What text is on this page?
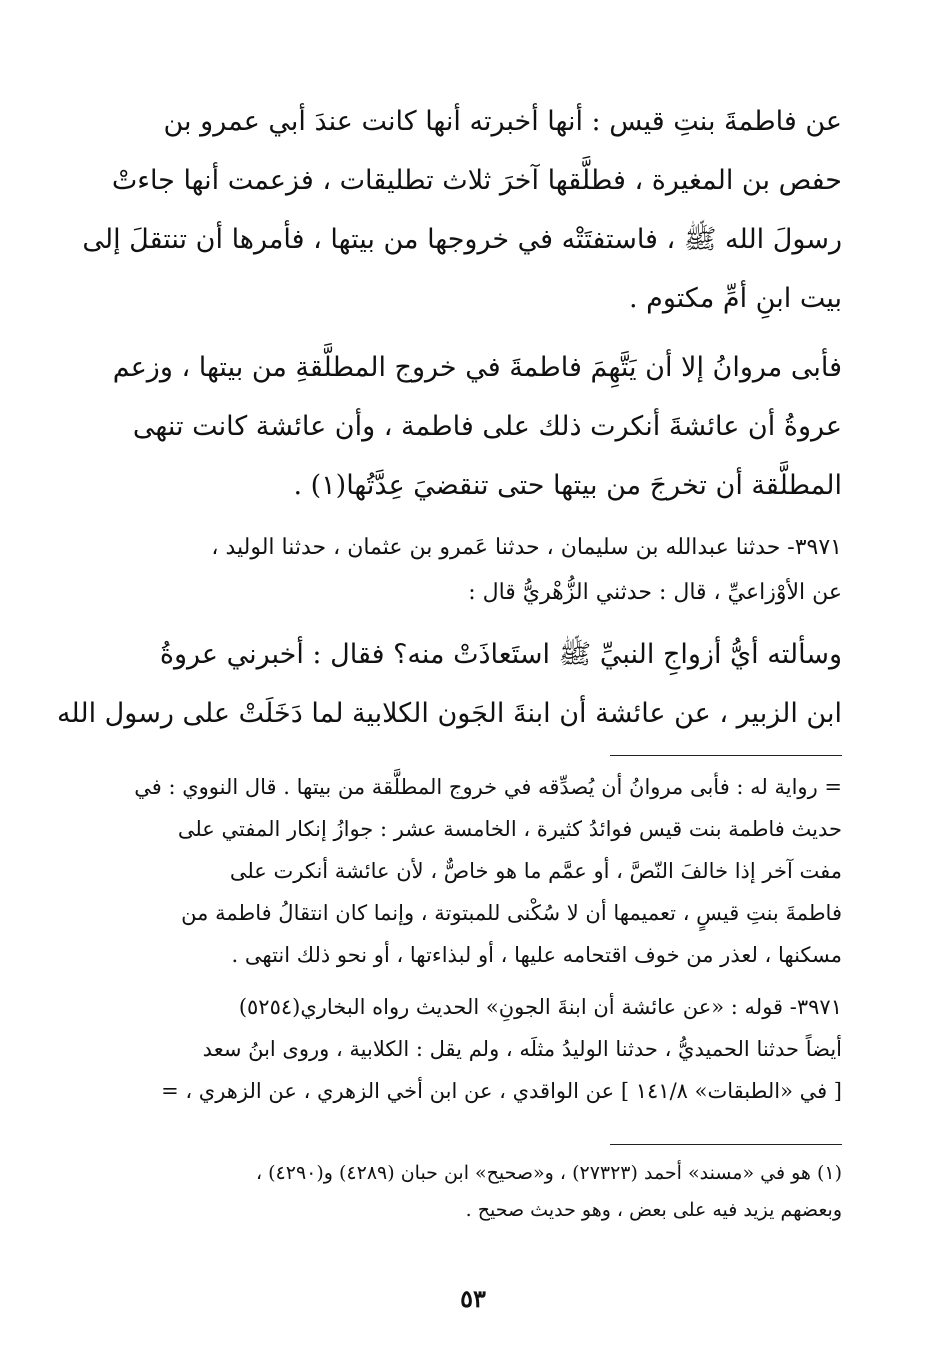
عن فاطمةَ بنتِ قيس : أنها أخبرته أنها كانت عندَ أبي عمرو بن
حفص بن المغيرة ، فطلَّقها آخرَ ثلاث تطليقات ، فزعمت أنها جاءتْ
رسولَ الله ﷺ ، فاستفتَتْه في خروجها من بيتها ، فأمرها أن تنتقلَ إلى
بيت ابنِ أمِّ مكتوم .

فأبى مروانُ إلا أن يَتَّهِمَ فاطمةَ في خروج المطلَّقةِ من بيتها ، وزعم
عروةُ أن عائشةَ أنكرت ذلك على فاطمة ، وأن عائشة كانت تنهى
المطلَّقة أن تخرجَ من بيتها حتى تنقضيَ عِدَّتُها(١) .

٣٩٧١- حدثنا عبدالله بن سليمان ، حدثنا عَمرو بن عثمان ، حدثنا الوليد ،
عن الأوْزاعيِّ ، قال : حدثني الزُّهْريُّ قال :

وسألته أيُّ أزواجِ النبيِّ ﷺ استَعاذَتْ منه؟ فقال : أخبرني عروةُ
ابن الزبير ، عن عائشة أن ابنةَ الجَون الكلابية لما دَخَلَتْ على رسول الله

= رواية له : فأبى مروانُ أن يُصدِّقه في خروج المطلَّقة من بيتها . قال النووي : في
حديث فاطمة بنت قيس فوائدُ كثيرة ، الخامسة عشر : جوازُ إنكار المفتي على
مفت آخر إذا خالفَ النّصَّ ، أو عمَّم ما هو خاصٌّ ، لأن عائشة أنكرت على
فاطمةَ بنتِ قيسٍ ، تعميمها أن لا سُكْنى للمبتوتة ، وإنما كان انتقالُ فاطمة من
مسكنها ، لعذر من خوف اقتحامه عليها ، أو لبذاءتها ، أو نحو ذلك انتهى .

٣٩٧١- قوله : «عن عائشة أن ابنةَ الجونِ» الحديث رواه البخاري(٥٢٥٤)
أيضاً حدثنا الحميديُّ ، حدثنا الوليدُ مثلَه ، ولم يقل : الكلابية ، وروى ابنُ سعد
[ في «الطبقات» ١٤١/٨ ] عن الواقدي ، عن ابن أخي الزهري ، عن الزهري ، =

(١) هو في «مسند» أحمد (٢٧٣٢٣) ، و«صحيح» ابن حبان (٤٢٨٩) و(٤٢٩٠) ،
وبعضهم يزيد فيه على بعض ، وهو حديث صحيح .

٥٣
